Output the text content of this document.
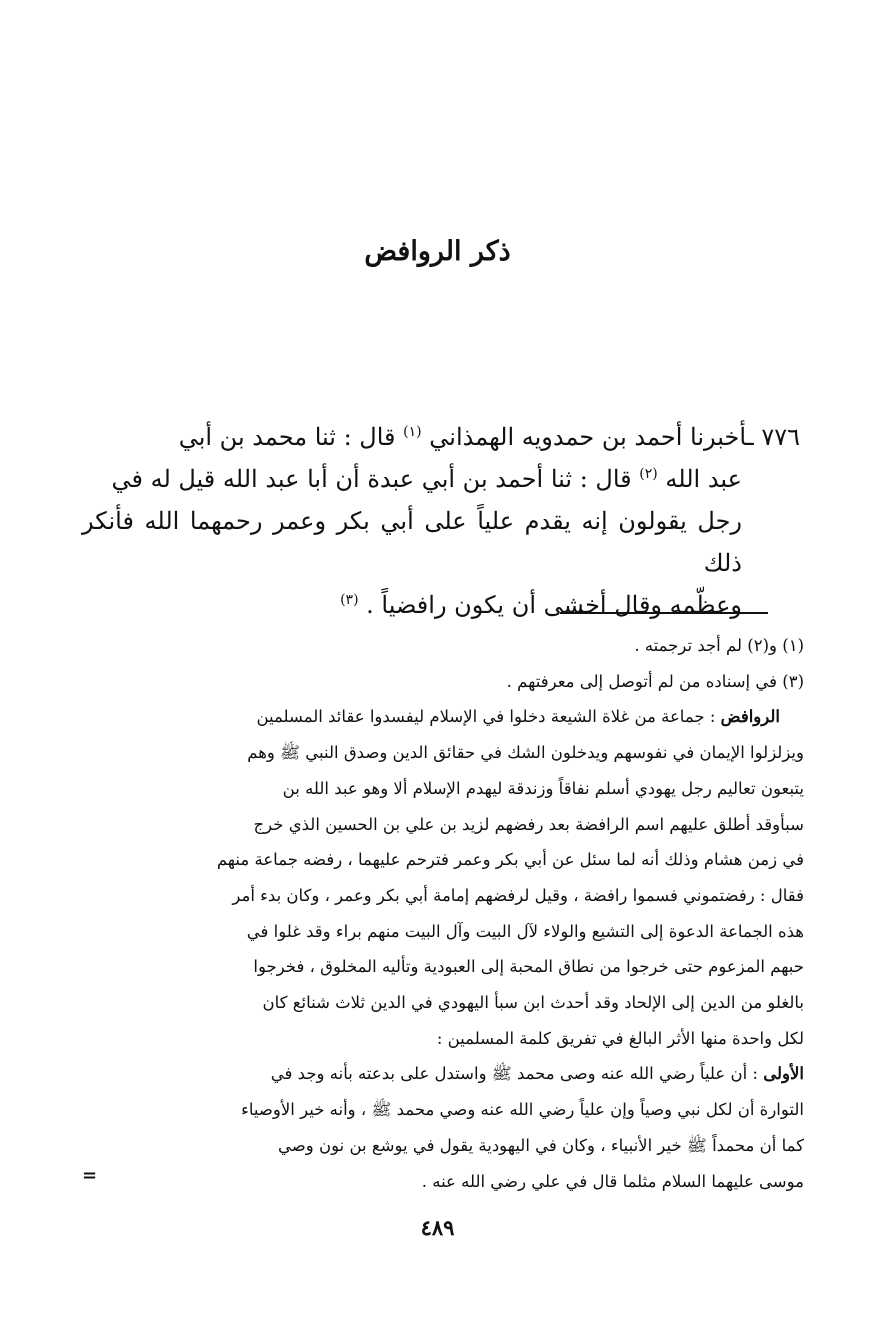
ذكر الروافض
٧٧٦ ـأخبرنا أحمد بن حمدويه الهمذاني $^{(١)}$ قال : ثنا محمد بن أبي
عبد الله $^{(٢)}$ قال : ثنا أحمد بن أبي عبدة أن أبا عبد الله قيل له في
رجل يقولون إنه يقدم علياً على أبي بكر وعمر رحمهما الله فأنكر ذلك
وعظّمه وقال أخشى أن يكون رافضياً . $^{(٣)}$
(١) و(٢) لم أجد ترجمته .
(٣) في إسناده من لم أتوصل إلى معرفتهم .
الروافض : جماعة من غلاة الشيعة دخلوا في الإسلام ليفسدوا عقائد المسلمين
ويزلزلوا الإيمان في نفوسهم ويدخلون الشك في حقائق الدين وصدق النبي ﷺ وهم
يتبعون تعاليم رجل يهودي أسلم نفاقاً وزندقة ليهدم الإسلام ألا وهو عبد الله بن
سبأوقد أطلق عليهم اسم الرافضة بعد رفضهم لزيد بن علي بن الحسين الذي خرج
في زمن هشام وذلك أنه لما سئل عن أبي بكر وعمر فترحم عليهما ، رفضه جماعة منهم
فقال : رفضتموني فسموا رافضة ، وقيل لرفضهم إمامة أبي بكر وعمر ، وكان بدء أمر
هذه الجماعة الدعوة إلى التشيع والولاء لآل البيت وآل البيت منهم براء وقد غلوا في
حبهم المزعوم حتى خرجوا من نطاق المحبة إلى العبودية وتأليه المخلوق ، فخرجوا
بالغلو من الدين إلى الإلحاد وقد أحدث ابن سبأ اليهودي في الدين ثلاث شنائع كان
لكل واحدة منها الأثر البالغ في تفريق كلمة المسلمين :
الأولى : أن علياً رضي الله عنه وصى محمد ﷺ واستدل على بدعته بأنه وجد في
التوارة أن لكل نبي وصياً وإن علياً رضي الله عنه وصي محمد ﷺ ، وأنه خير الأوصياء
كما أن محمداً ﷺ خير الأنبياء ، وكان في اليهودية يقول في يوشع بن نون وصي
موسى عليهما السلام مثلما قال في علي رضي الله عنه .
=
٤٨٩
